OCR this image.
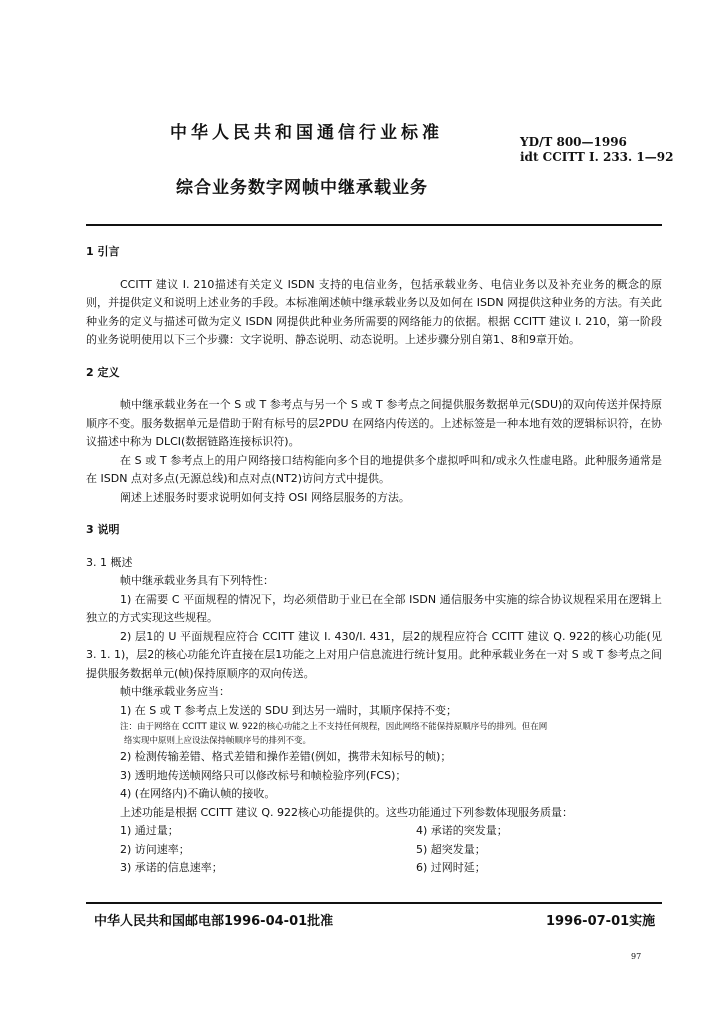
中华人民共和国通信行业标准	YD/T 800—1996
idt CCITT I. 233. 1—92
综合业务数字网帧中继承载业务

1 引言

CCITT 建议 I. 210描述有关定义 ISDN 支持的电信业务，包括承载业务、电信业务以及补充业务的概念的原则，并提供定义和说明上述业务的手段。本标准阐述帧中继承载业务以及如何在 ISDN 网提供这种业务的方法。有关此种业务的定义与描述可做为定义 ISDN 网提供此种业务所需要的网络能力的依据。根据 CCITT 建议 I. 210，第一阶段的业务说明使用以下三个步骤：文字说明、静态说明、动态说明。上述步骤分别自第1、8和9章开始。

2 定义

帧中继承载业务在一个 S 或 T 参考点与另一个 S 或 T 参考点之间提供服务数据单元(SDU)的双向传送并保持原顺序不变。服务数据单元是借助于附有标号的层2PDU 在网络内传送的。上述标签是一种本地有效的逻辑标识符，在协议描述中称为 DLCI(数据链路连接标识符)。

在 S 或 T 参考点上的用户网络接口结构能向多个目的地提供多个虚拟呼叫和/或永久性虚电路。此种服务通常是在 ISDN 点对多点(无源总线)和点对点(NT2)访问方式中提供。

阐述上述服务时要求说明如何支持 OSI 网络层服务的方法。

3 说明

3. 1 概述

帧中继承载业务具有下列特性：

1) 在需要 C 平面规程的情况下，均必须借助于业已在全部 ISDN 通信服务中实施的综合协议规程采用在逻辑上独立的方式实现这些规程。

2) 层1的 U 平面规程应符合 CCITT 建议 I. 430/I. 431，层2的规程应符合 CCITT 建议 Q. 922的核心功能(见3. 1. 1)，层2的核心功能允许直接在层1功能之上对用户信息流进行统计复用。此种承载业务在一对 S 或 T 参考点之间提供服务数据单元(帧)保持原顺序的双向传送。

帧中继承载业务应当：

1) 在 S 或 T 参考点上发送的 SDU 到达另一端时，其顺序保持不变；

注：由于网络在 CCITT 建议 W. 922的核心功能之上不支持任何规程，因此网络不能保持原顺序号的排列。但在网

络实现中原则上应设法保持帧顺序号的排列不变。

2) 检测传输差错、格式差错和操作差错(例如，携带未知标号的帧)；

3) 透明地传送帧网络只可以修改标号和帧检验序列(FCS)；

4) (在网络内)不确认帧的接收。

上述功能是根据 CCITT 建议 Q. 922核心功能提供的。这些功能通过下列参数体现服务质量：

1) 通过量；	4) 承诺的突发量；
2) 访问速率；	5) 超突发量；
3) 承诺的信息速率；	6) 过网时延；
中华人民共和国邮电部1996-04-01批准	1996-07-01实施
97
